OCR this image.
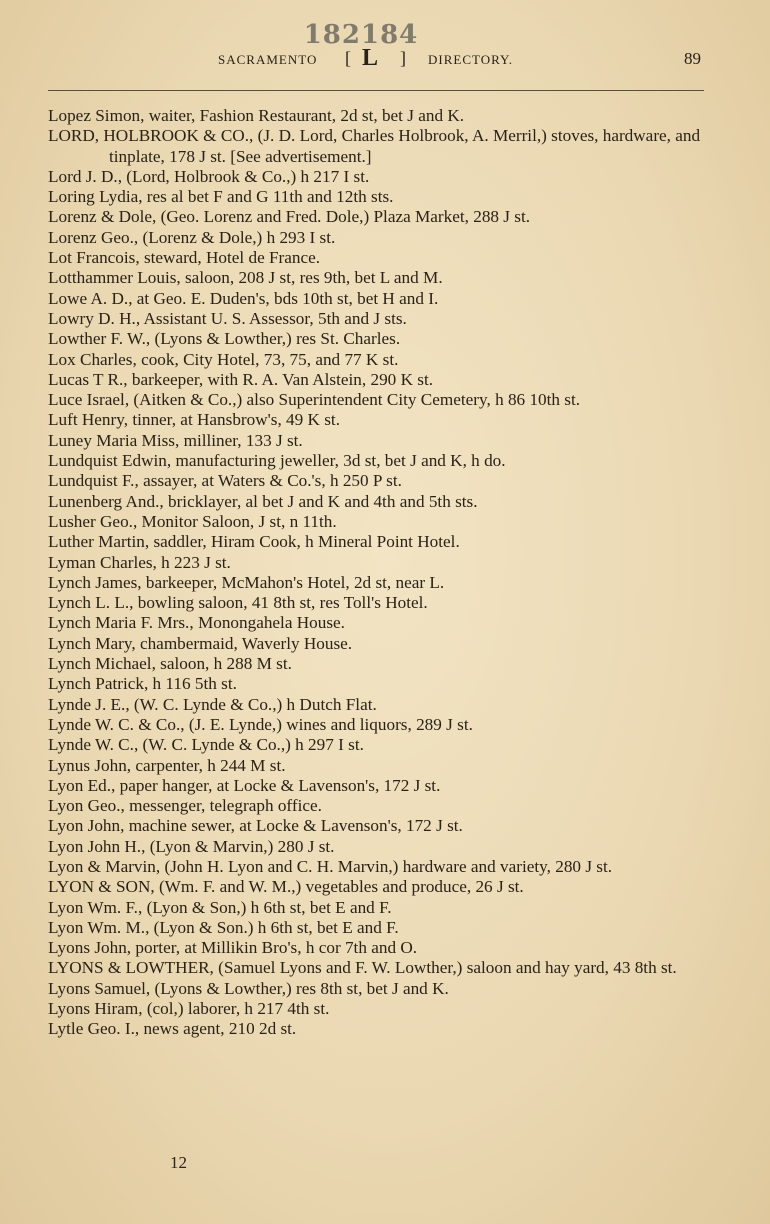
182184
SACRAMENTO [ L ] DIRECTORY.	89

Lopez Simon, waiter, Fashion Restaurant, 2d st, bet J and K.

LORD, HOLBROOK & CO., (J. D. Lord, Charles Holbrook, A. Merril,) stoves, hardware, and tinplate, 178 J st. [See advertisement.]

Lord J. D., (Lord, Holbrook & Co.,) h 217 I st.

Loring Lydia, res al bet F and G 11th and 12th sts.

Lorenz & Dole, (Geo. Lorenz and Fred. Dole,) Plaza Market, 288 J st.

Lorenz Geo., (Lorenz & Dole,) h 293 I st.

Lot Francois, steward, Hotel de France.

Lotthammer Louis, saloon, 208 J st, res 9th, bet L and M.

Lowe A. D., at Geo. E. Duden's, bds 10th st, bet H and I.

Lowry D. H., Assistant U. S. Assessor, 5th and J sts.

Lowther F. W., (Lyons & Lowther,) res St. Charles.

Lox Charles, cook, City Hotel, 73, 75, and 77 K st.

Lucas T R., barkeeper, with R. A. Van Alstein, 290 K st.

Luce Israel, (Aitken & Co.,) also Superintendent City Cemetery, h 86 10th st.

Luft Henry, tinner, at Hansbrow's, 49 K st.

Luney Maria Miss, milliner, 133 J st.

Lundquist Edwin, manufacturing jeweller, 3d st, bet J and K, h do.

Lundquist F., assayer, at Waters & Co.'s, h 250 P st.

Lunenberg And., bricklayer, al bet J and K and 4th and 5th sts.

Lusher Geo., Monitor Saloon, J st, n 11th.

Luther Martin, saddler, Hiram Cook, h Mineral Point Hotel.

Lyman Charles, h 223 J st.

Lynch James, barkeeper, McMahon's Hotel, 2d st, near L.

Lynch L. L., bowling saloon, 41 8th st, res Toll's Hotel.

Lynch Maria F. Mrs., Monongahela House.

Lynch Mary, chambermaid, Waverly House.

Lynch Michael, saloon, h 288 M st.

Lynch Patrick, h 116 5th st.

Lynde J. E., (W. C. Lynde & Co.,) h Dutch Flat.

Lynde W. C. & Co., (J. E. Lynde,) wines and liquors, 289 J st.

Lynde W. C., (W. C. Lynde & Co.,) h 297 I st.

Lynus John, carpenter, h 244 M st.

Lyon Ed., paper hanger, at Locke & Lavenson's, 172 J st.

Lyon Geo., messenger, telegraph office.

Lyon John, machine sewer, at Locke & Lavenson's, 172 J st.

Lyon John H., (Lyon & Marvin,) 280 J st.

Lyon & Marvin, (John H. Lyon and C. H. Marvin,) hardware and variety, 280 J st.

LYON & SON, (Wm. F. and W. M.,) vegetables and produce, 26 J st.

Lyon Wm. F., (Lyon & Son,) h 6th st, bet E and F.

Lyon Wm. M., (Lyon & Son.) h 6th st, bet E and F.

Lyons John, porter, at Millikin Bro's, h cor 7th and O.

LYONS & LOWTHER, (Samuel Lyons and F. W. Lowther,) saloon and hay yard, 43 8th st.

Lyons Samuel, (Lyons & Lowther,) res 8th st, bet J and K.

Lyons Hiram, (col,) laborer, h 217 4th st.

Lytle Geo. I., news agent, 210 2d st.

12
